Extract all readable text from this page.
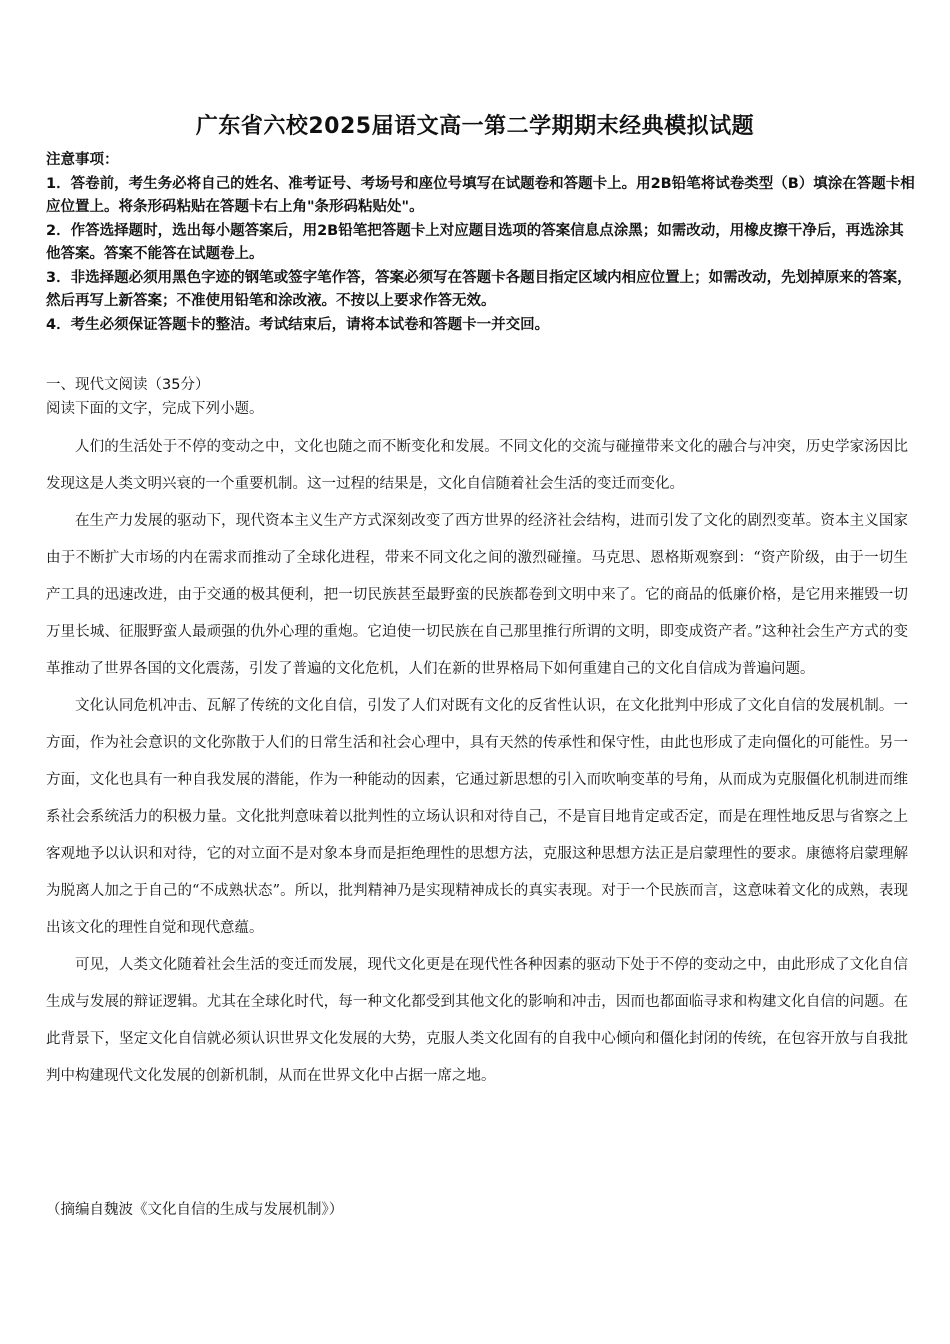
广东省六校2025届语文高一第二学期期末经典模拟试题

注意事项：

1．答卷前，考生务必将自己的姓名、准考证号、考场号和座位号填写在试题卷和答题卡上。用2B铅笔将试卷类型（B）填涂在答题卡相应位置上。将条形码粘贴在答题卡右上角"条形码粘贴处"。

2．作答选择题时，选出每小题答案后，用2B铅笔把答题卡上对应题目选项的答案信息点涂黑；如需改动，用橡皮擦干净后，再选涂其他答案。答案不能答在试题卷上。

3．非选择题必须用黑色字迹的钢笔或签字笔作答，答案必须写在答题卡各题目指定区域内相应位置上；如需改动，先划掉原来的答案，然后再写上新答案；不准使用铅笔和涂改液。不按以上要求作答无效。

4．考生必须保证答题卡的整洁。考试结束后，请将本试卷和答题卡一并交回。

一、现代文阅读（35分）
阅读下面的文字，完成下列小题。

人们的生活处于不停的变动之中，文化也随之而不断变化和发展。不同文化的交流与碰撞带来文化的融合与冲突，历史学家汤因比发现这是人类文明兴衰的一个重要机制。这一过程的结果是，文化自信随着社会生活的变迁而变化。

在生产力发展的驱动下，现代资本主义生产方式深刻改变了西方世界的经济社会结构，进而引发了文化的剧烈变革。资本主义国家由于不断扩大市场的内在需求而推动了全球化进程，带来不同文化之间的激烈碰撞。马克思、恩格斯观察到：“资产阶级，由于一切生产工具的迅速改进，由于交通的极其便利，把一切民族甚至最野蛮的民族都卷到文明中来了。它的商品的低廉价格，是它用来摧毁一切万里长城、征服野蛮人最顽强的仇外心理的重炮。它迫使一切民族在自己那里推行所谓的文明，即变成资产者。”这种社会生产方式的变革推动了世界各国的文化震荡，引发了普遍的文化危机，人们在新的世界格局下如何重建自己的文化自信成为普遍问题。

文化认同危机冲击、瓦解了传统的文化自信，引发了人们对既有文化的反省性认识，在文化批判中形成了文化自信的发展机制。一方面，作为社会意识的文化弥散于人们的日常生活和社会心理中，具有天然的传承性和保守性，由此也形成了走向僵化的可能性。另一方面，文化也具有一种自我发展的潜能，作为一种能动的因素，它通过新思想的引入而吹响变革的号角，从而成为克服僵化机制进而维系社会系统活力的积极力量。文化批判意味着以批判性的立场认识和对待自己，不是盲目地肯定或否定，而是在理性地反思与省察之上客观地予以认识和对待，它的对立面不是对象本身而是拒绝理性的思想方法，克服这种思想方法正是启蒙理性的要求。康德将启蒙理解为脱离人加之于自己的“不成熟状态”。所以，批判精神乃是实现精神成长的真实表现。对于一个民族而言，这意味着文化的成熟，表现出该文化的理性自觉和现代意蕴。

可见，人类文化随着社会生活的变迁而发展，现代文化更是在现代性各种因素的驱动下处于不停的变动之中，由此形成了文化自信生成与发展的辩证逻辑。尤其在全球化时代，每一种文化都受到其他文化的影响和冲击，因而也都面临寻求和构建文化自信的问题。在此背景下，坚定文化自信就必须认识世界文化发展的大势，克服人类文化固有的自我中心倾向和僵化封闭的传统，在包容开放与自我批判中构建现代文化发展的创新机制，从而在世界文化中占据一席之地。

（摘编自魏波《文化自信的生成与发展机制》）
